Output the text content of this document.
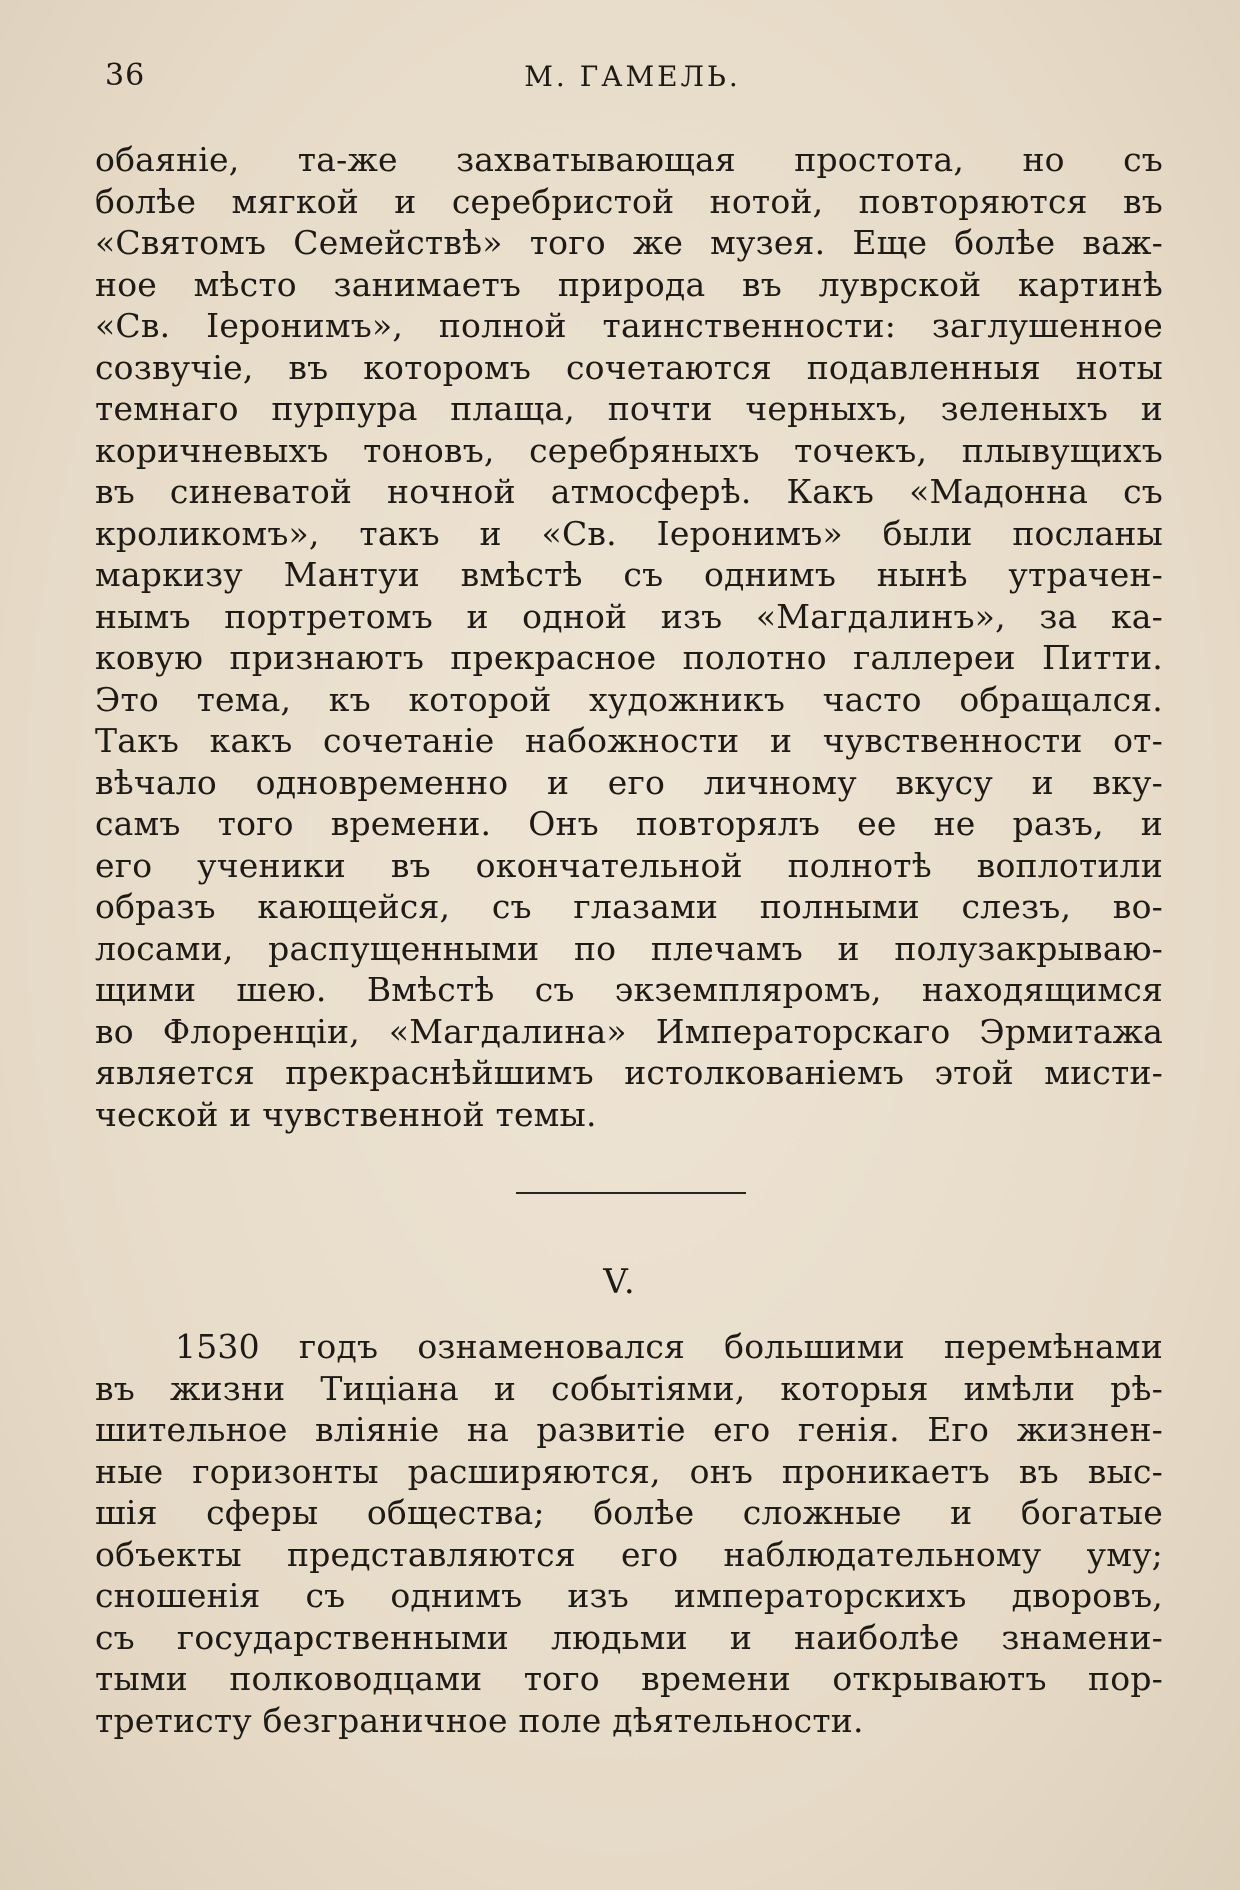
36	М. ГАМЕЛЬ.
обаяніе, та-же захватывающая простота, но съ
болѣе мягкой и серебристой нотой, повторяются въ
«Святомъ Семействѣ» того же музея. Еще болѣе важ-
ное мѣсто занимаетъ природа въ луврской картинѣ
«Св. Іеронимъ», полной таинственности: заглушенное
созвучіе, въ которомъ сочетаются подавленныя ноты
темнаго пурпура плаща, почти черныхъ, зеленыхъ и
коричневыхъ тоновъ, серебряныхъ точекъ, плывущихъ
въ синеватой ночной атмосферѣ. Какъ «Мадонна съ
кроликомъ», такъ и «Св. Іеронимъ» были посланы
маркизу Мантуи вмѣстѣ съ однимъ нынѣ утрачен-
нымъ портретомъ и одной изъ «Магдалинъ», за ка-
ковую признаютъ прекрасное полотно галлереи Питти.
Это тема, къ которой художникъ часто обращался.
Такъ какъ сочетаніе набожности и чувственности от-
вѣчало одновременно и его личному вкусу и вку-
самъ того времени. Онъ повторялъ ее не разъ, и
его ученики въ окончательной полнотѣ воплотили
образъ кающейся, съ глазами полными слезъ, во-
лосами, распущенными по плечамъ и полузакрываю-
щими шею. Вмѣстѣ съ экземпляромъ, находящимся
во Флоренціи, «Магдалина» Императорскаго Эрмитажа
является прекраснѣйшимъ истолкованіемъ этой мисти-
ческой и чувственной темы.
V.
1530 годъ ознаменовался большими перемѣнами
въ жизни Тиціана и событіями, которыя имѣли рѣ-
шительное вліяніе на развитіе его генія. Его жизнен-
ные горизонты расширяются, онъ проникаетъ въ выс-
шія сферы общества; болѣе сложные и богатые
объекты представляются его наблюдательному уму;
сношенія съ однимъ изъ императорскихъ дворовъ,
съ государственными людьми и наиболѣе знамени-
тыми полководцами того времени открываютъ пор-
третисту безграничное поле дѣятельности.
